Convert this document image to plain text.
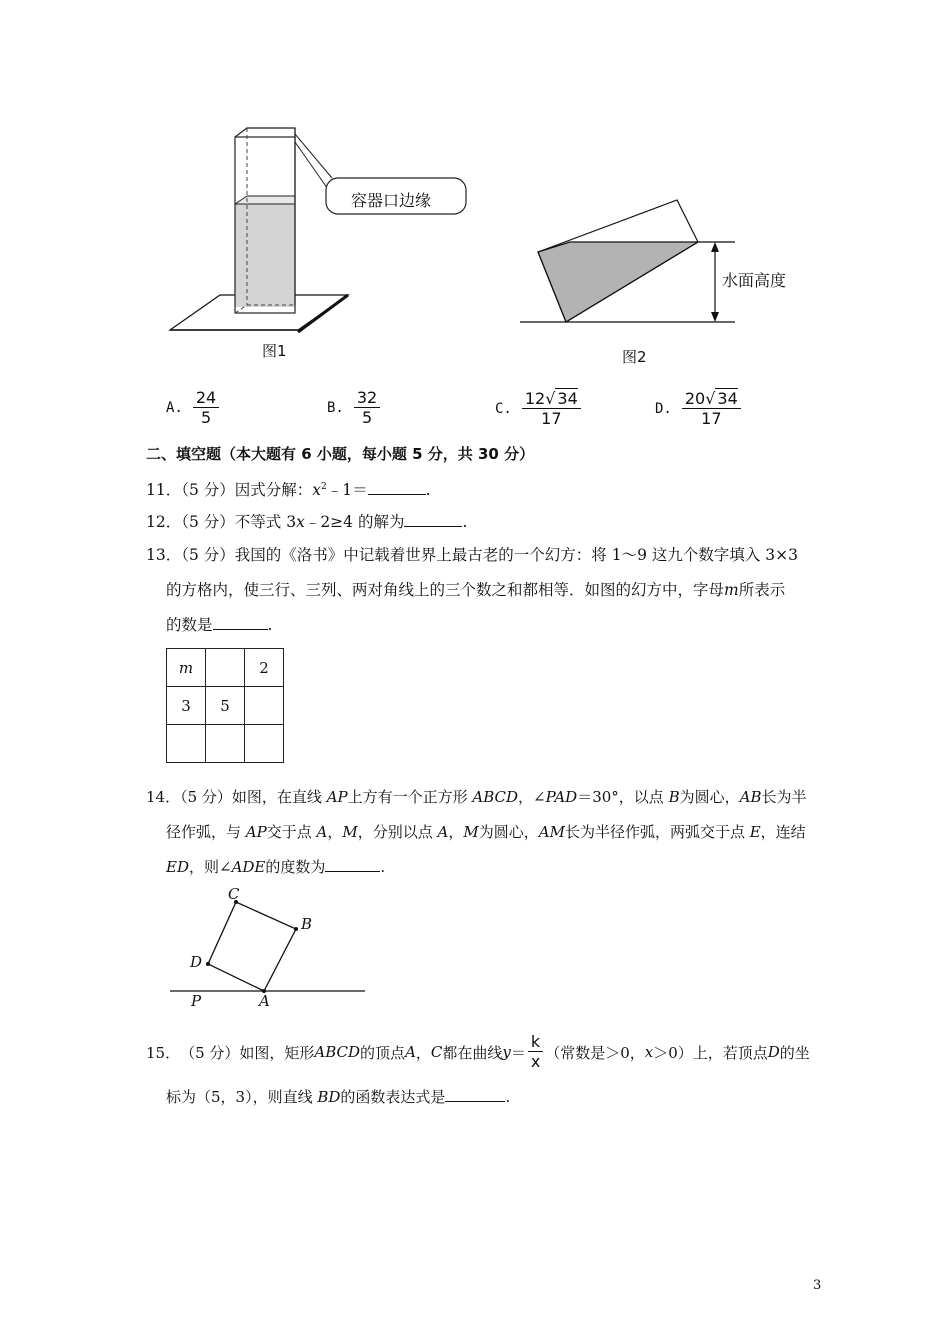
容器口边缘
图1
水面高度
图2
A. $\frac{24}{5}$	B. $\frac{32}{5}$	C. $\frac{12√ 34}{17}$	D. $\frac{20√ 34}{17}$
二、填空题（本大题有 6 小题，每小题 5 分，共 30 分）
11．（5 分）因式分解：$x^2﹣1=$	.
12．（5 分）不等式 3x﹣2≥4 的解为	.
13．（5 分）我国的《洛书》中记载着世界上最古老的一个幻方：将 1～9 这九个数字填入 3×3
的方格内，使三行、三列、两对角线上的三个数之和都相等．如图的幻方中，字母m所表示
的数是	.
m		2
3	5	

14．（5 分）如图，在直线 AP上方有一个正方形 ABCD，∠PAD＝30°，以点 B为圆心，AB长为半
径作弧，与 AP交于点 A，M，分别以点 A，M为圆心，AM长为半径作弧，两弧交于点 E，连结
ED，则∠ADE的度数为	.
C
B
D
P	A
15． （5 分）如图，矩形 ABCD 的顶点 A ， C 都在曲线 $y = \frac{k}{x}$ （常数是＞0， x ＞0）上，若顶点 D 的坐
标为（5，3），则直线 BD的函数表达式是	.
3
